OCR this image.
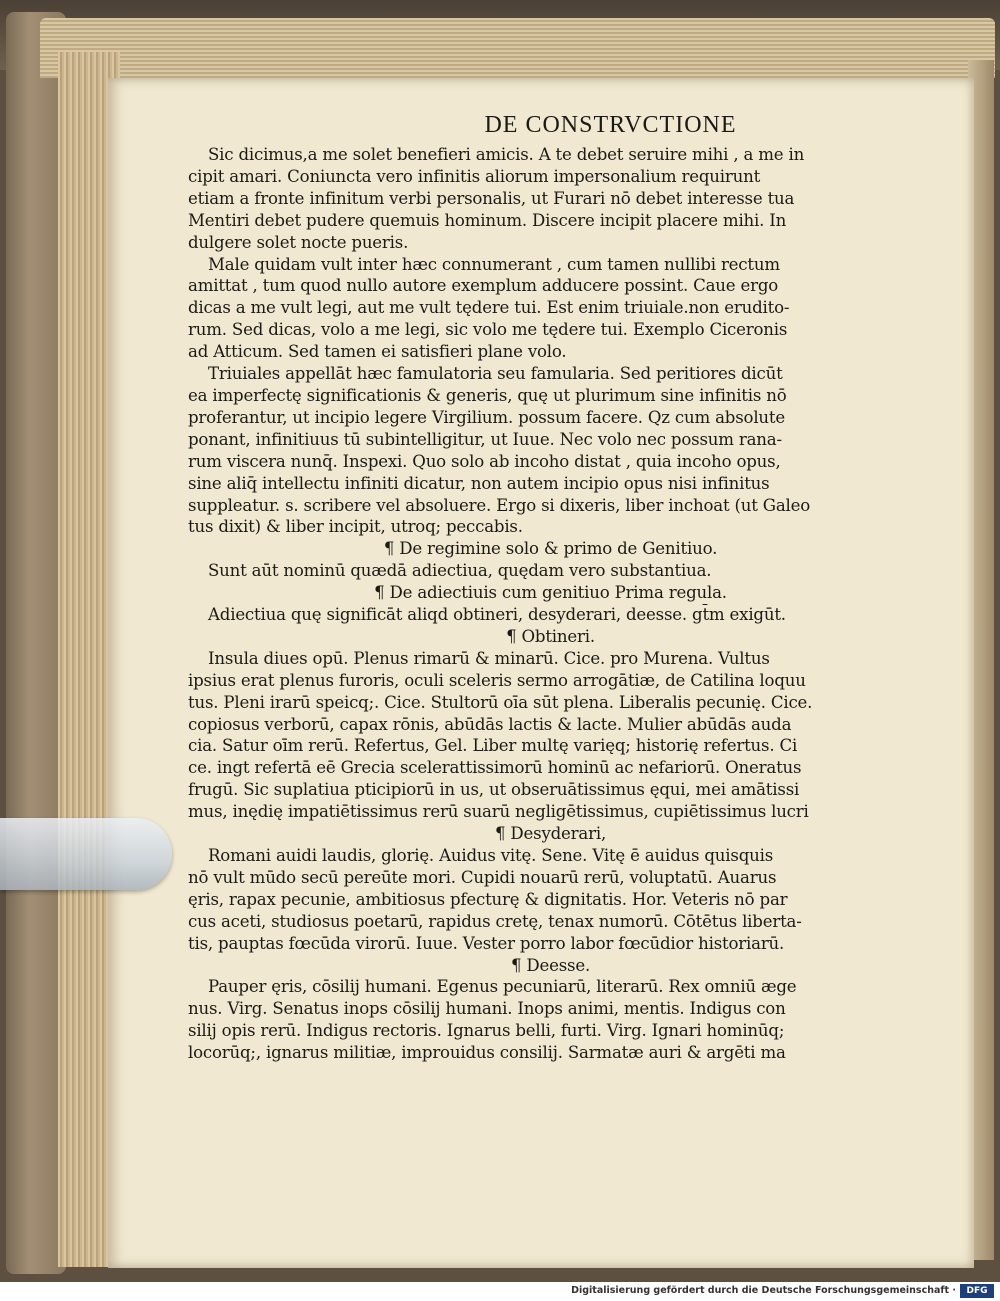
DE CONSTRVCTIONE
Sic dicimus,a me solet benefieri amicis. A te debet seruire mihi , a me in
cipit amari. Coniuncta vero infinitis aliorum impersonalium requirunt
etiam a fronte infinitum verbi personalis, ut Furari nō debet interesse tua
Mentiri debet pudere quemuis hominum. Discere incipit placere mihi. In
dulgere solet nocte pueris.
Male quidam vult inter hæc connumerant , cum tamen nullibi rectum
amittat , tum quod nullo autore exemplum adducere possint. Caue ergo
dicas a me vult legi, aut me vult tędere tui. Est enim triuiale.non erudito-
rum. Sed dicas, volo a me legi, sic volo me tędere tui. Exemplo Ciceronis
ad Atticum. Sed tamen ei satisfieri plane volo.
Triuiales appellāt hæc famulatoria seu famularia. Sed peritiores dicūt
ea imperfectę significationis & generis, quę ut plurimum sine infinitis nō
proferantur, ut incipio legere Virgilium. possum facere. Qz cum absolute
ponant, infinitiuus tū subintelligitur, ut Iuue. Nec volo nec possum rana-
rum viscera nunq̄. Inspexi. Quo solo ab incoho distat , quia incoho opus,
sine aliq̄ intellectu infiniti dicatur, non autem incipio opus nisi infinitus
suppleatur. s. scribere vel absoluere. Ergo si dixeris, liber inchoat (ut Galeo
tus dixit) & liber incipit, utroq; peccabis.
¶ De regimine solo & primo de Genitiuo.
Sunt aūt nominū quædā adiectiua, quędam vero substantiua.
¶ De adiectiuis cum genitiuo Prima regula.
Adiectiua quę significāt aliqd obtineri, desyderari, deesse. gt̄m exigūt.
¶ Obtineri.
Insula diues opū. Plenus rimarū & minarū. Cice. pro Murena. Vultus
ipsius erat plenus furoris, oculi sceleris sermo arrogātiæ, de Catilina loquu
tus. Pleni irarū speicq;. Cice. Stultorū oīa sūt plena. Liberalis pecunię. Cice.
copiosus verborū, capax rōnis, abūdās lactis & lacte. Mulier abūdās auda
cia. Satur oīm rerū. Refertus, Gel. Liber multę varięq; historię refertus. Ci
ce. ingt refertā eē Grecia scelerattissimorū hominū ac nefariorū. Oneratus
frugū. Sic suplatiua pticipiorū in us, ut obseruātissimus ęqui, mei amātissi
mus, inędię impatiētissimus rerū suarū negligētissimus, cupiētissimus lucri
¶ Desyderari,
Romani auidi laudis, glorię. Auidus vitę. Sene. Vitę ē auidus quisquis
nō vult mūdo secū pereūte mori. Cupidi nouarū rerū, voluptatū. Auarus
ęris, rapax pecunie, ambitiosus pfecturę & dignitatis. Hor. Veteris nō par
cus aceti, studiosus poetarū, rapidus cretę, tenax numorū. Cōtētus liberta-
tis, pauptas fœcūda virorū. Iuue. Vester porro labor fœcūdior historiarū.
¶ Deesse.
Pauper ęris, cōsilij humani. Egenus pecuniarū, literarū. Rex omniū æge
nus. Virg. Senatus inops cōsilij humani. Inops animi, mentis. Indigus con
silij opis rerū. Indigus rectoris. Ignarus belli, furti. Virg. Ignari hominūq;
locorūq;, ignarus militiæ, improuidus consilij. Sarmatæ auri & argēti ma
Digitalisierung gefördert durch die Deutsche Forschungsgemeinschaft ·	DFG
